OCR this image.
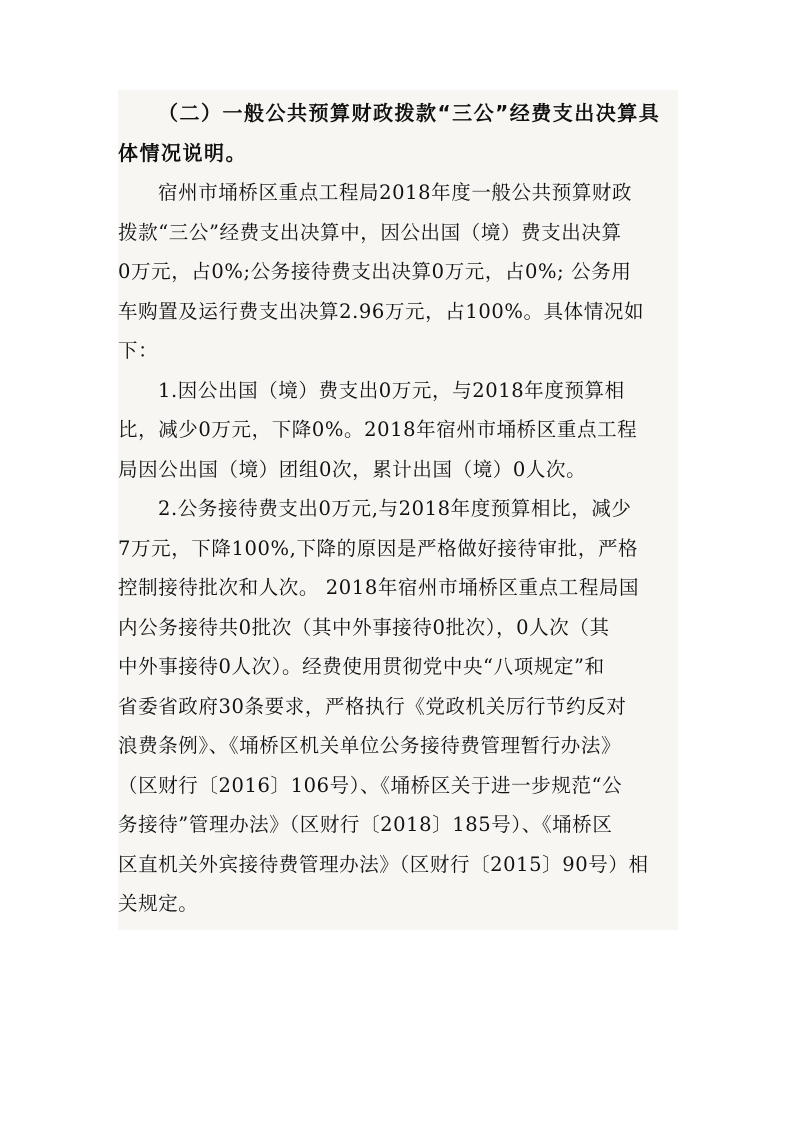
（二）一般公共预算财政拨款“三公”经费支出决算具
体情况说明。
宿州市埇桥区重点工程局2018年度一般公共预算财政
拨款“三公”经费支出决算中，因公出国（境）费支出决算
0万元，占0%;公务接待费支出决算0万元，占0%; 公务用
车购置及运行费支出决算2.96万元，占100%。具体情况如
下：
1.因公出国（境）费支出0万元，与2018年度预算相
比，减少0万元，下降0%。2018年宿州市埇桥区重点工程
局因公出国（境）团组0次，累计出国（境）0人次。
2.公务接待费支出0万元,与2018年度预算相比，减少
7万元，下降100%,下降的原因是严格做好接待审批，严格
控制接待批次和人次。 2018年宿州市埇桥区重点工程局国
内公务接待共0批次（其中外事接待0批次），0人次（其
中外事接待0人次）。经费使用贯彻党中央“八项规定”和
省委省政府30条要求，严格执行《党政机关厉行节约反对
浪费条例》、《埇桥区机关单位公务接待费管理暂行办法》
（区财行〔2016〕106号）、《埇桥区关于进一步规范“公
务接待”管理办法》（区财行〔2018〕185号）、《埇桥区
区直机关外宾接待费管理办法》（区财行〔2015〕90号）相
关规定。
